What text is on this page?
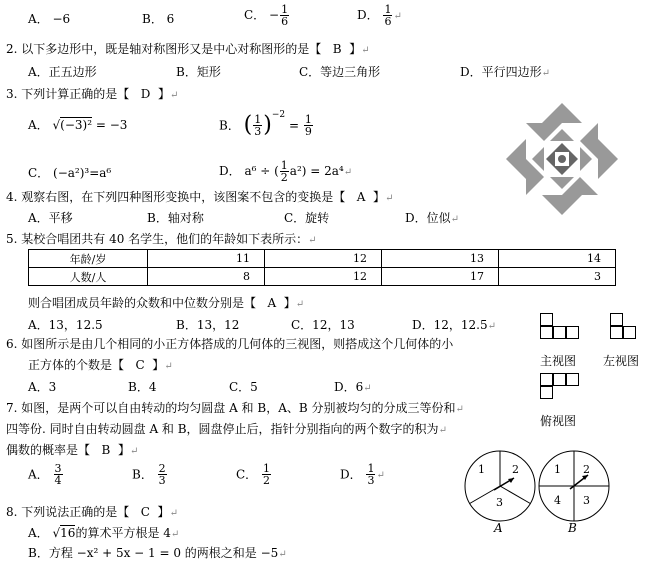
A． −6	B． 6	C． − $\frac{1}{6}$	D． $\frac{1}{6}$ ↵
2. 以下多边形中，既是轴对称图形又是中心对称图形的是【 B 】↵
A．正五边形	B．矩形	C．等边三角形	D．平行四边形↵
3. 下列计算正确的是【 D 】↵
A． √(−3)² = −3	B． ( $\frac{1}{3} )^{-2} = \frac{1}{9}$
C． (−a²)³=a⁶	D． a⁶ ÷ ( $\frac{1}{2} a^2$) = 2a⁴↵
4. 观察右图，在下列四种图形变换中，该图案不包含的变换是【 A 】↵
A．平移	B．轴对称	C．旋转	D．位似↵
5. 某校合唱团共有 40 名学生，他们的年龄如下表所示：↵
年龄/岁	11	12	13	14
人数/人	8	12	17	3
则合唱团成员年龄的众数和中位数分别是【 A 】↵
A．13，12.5	B．13，12	C．12，13	D．12，12.5↵
主视图 左视图
俯视图
6. 如图所示是由几个相同的小正方体搭成的几何体的三视图，则搭成这个几何体的小
正方体的个数是【 C 】↵
A．3	B．4	C．5	D．6↵
7. 如图，是两个可以自由转动的均匀圆盘 A 和 B，A、B 分别被均匀的分成三等份和↵
四等份. 同时自由转动圆盘 A 和 B，圆盘停止后，指针分别指向的两个数字的积为↵
偶数的概率是【 B 】↵
A． $\frac{3}{4}$	B． $\frac{2}{3}$	C． $\frac{1}{2}$	D． $\frac{1}{3}$ ↵	1 2
3
A
1 2
3
4
B
8. 下列说法正确的是【 C 】↵
A． √16的算术平方根是 4↵
B．方程 −x² + 5x − 1 = 0 的两根之和是 −5↵
